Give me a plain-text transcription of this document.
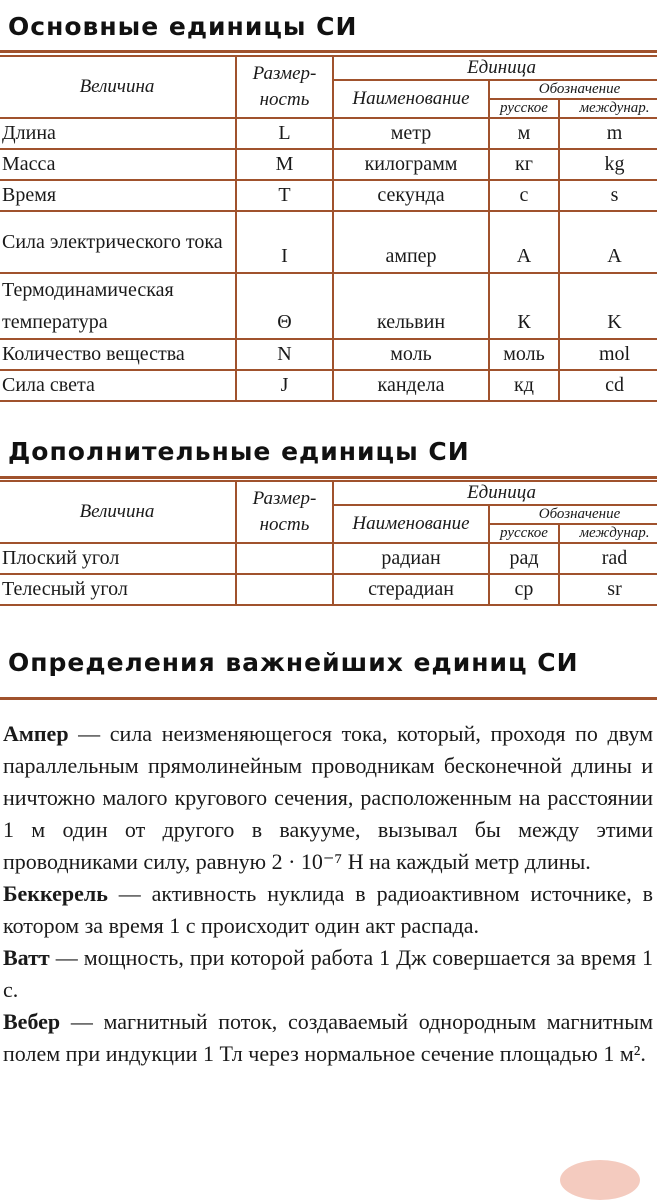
Основные единицы СИ
Величина	Размер-ность	Единица		
		Наименование	Обозначение	
			русское	междунар.
Длина	L	метр	м	m
Масса	M	килограмм	кг	kg
Время	T	секунда	с	s
Сила электрического тока	I	ампер	А	A
Термодинамическая температура	Θ	кельвин	К	K
Количество вещества	N	моль	моль	mol
Сила света	J	кандела	кд	cd
Дополнительные единицы СИ
Величина	Размер-ность	Единица		
		Наименование	Обозначение	
			русское	междунар.
Плоский угол		радиан	рад	rad
Телесный угол		стерадиан	ср	sr
Определения важнейших единиц СИ

Ампер — сила неизменяющегося тока, который, проходя по двум параллельным прямолинейным проводникам бесконечной длины и ничтожно малого кругового сечения, расположенным на расстоянии 1 м один от другого в вакууме, вызывал бы между этими проводниками силу, равную 2 · 10⁻⁷ Н на каждый метр длины.

Беккерель — активность нуклида в радиоактивном источнике, в котором за время 1 с происходит один акт распада.

Ватт — мощность, при которой работа 1 Дж совершается за время 1 с.

Вебер — магнитный поток, создаваемый однородным магнитным полем при индукции 1 Тл через нормальное сечение площадью 1 м².
